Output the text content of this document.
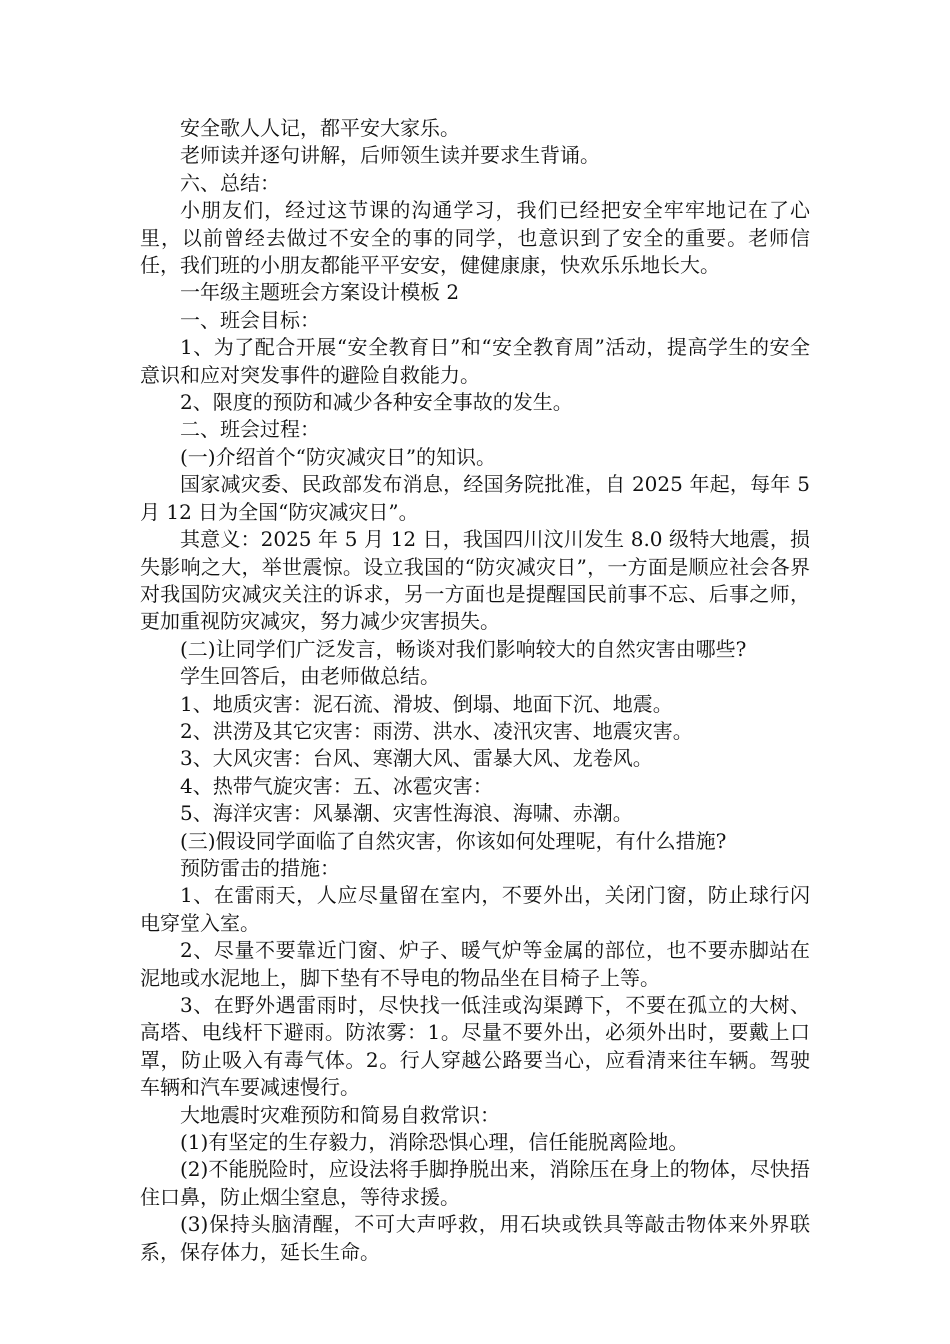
安全歌人人记，都平安大家乐。

老师读并逐句讲解，后师领生读并要求生背诵。

六、总结：

小朋友们，经过这节课的沟通学习，我们已经把安全牢牢地记在了心里，以前曾经去做过不安全的事的同学，也意识到了安全的重要。老师信任，我们班的小朋友都能平平安安，健健康康，快欢乐乐地长大。

一年级主题班会方案设计模板 2

一、班会目标：

1、为了配合开展“安全教育日”和“安全教育周”活动，提高学生的安全意识和应对突发事件的避险自救能力。

2、限度的预防和减少各种安全事故的发生。

二、班会过程：

(一)介绍首个“防灾减灾日”的知识。

国家减灾委、民政部发布消息，经国务院批准，自 2025 年起，每年 5 月 12 日为全国“防灾减灾日”。

其意义：2025 年 5 月 12 日，我国四川汶川发生 8.0 级特大地震，损失影响之大，举世震惊。设立我国的“防灾减灾日”，一方面是顺应社会各界对我国防灾减灾关注的诉求，另一方面也是提醒国民前事不忘、后事之师，更加重视防灾减灾，努力减少灾害损失。

(二)让同学们广泛发言，畅谈对我们影响较大的自然灾害由哪些?

学生回答后，由老师做总结。

1、地质灾害：泥石流、滑坡、倒塌、地面下沉、地震。

2、洪涝及其它灾害：雨涝、洪水、凌汛灾害、地震灾害。

3、大风灾害：台风、寒潮大风、雷暴大风、龙卷风。

4、热带气旋灾害：五、冰雹灾害：

5、海洋灾害：风暴潮、灾害性海浪、海啸、赤潮。

(三)假设同学面临了自然灾害，你该如何处理呢，有什么措施?

预防雷击的措施：

1、在雷雨天，人应尽量留在室内，不要外出，关闭门窗，防止球行闪电穿堂入室。

2、尽量不要靠近门窗、炉子、暖气炉等金属的部位，也不要赤脚站在泥地或水泥地上，脚下垫有不导电的物品坐在目椅子上等。

3、在野外遇雷雨时，尽快找一低洼或沟渠蹲下，不要在孤立的大树、高塔、电线杆下避雨。防浓雾：1。尽量不要外出，必须外出时，要戴上口罩，防止吸入有毒气体。2。行人穿越公路要当心，应看清来往车辆。驾驶车辆和汽车要减速慢行。

大地震时灾难预防和简易自救常识：

(1)有坚定的生存毅力，消除恐惧心理，信任能脱离险地。

(2)不能脱险时，应设法将手脚挣脱出来，消除压在身上的物体，尽快捂住口鼻，防止烟尘窒息，等待求援。

(3)保持头脑清醒，不可大声呼救，用石块或铁具等敲击物体来外界联系，保存体力，延长生命。
